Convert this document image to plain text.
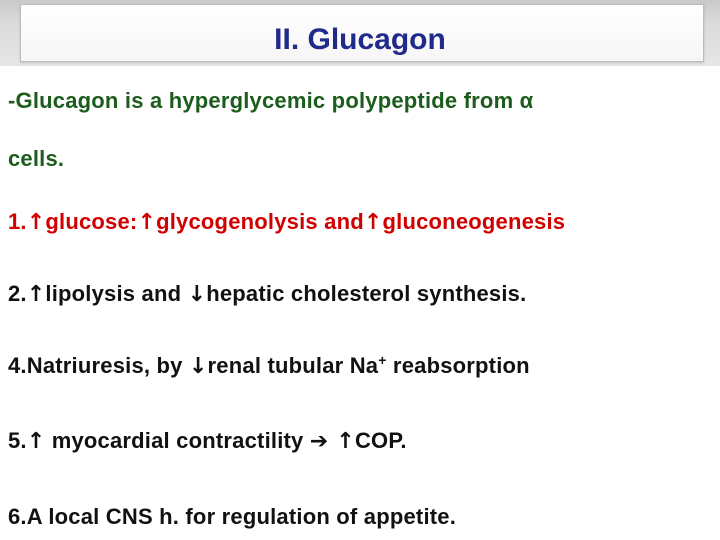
II. Glucagon
-Glucagon is a hyperglycemic polypeptide from α
cells.
1.↑glucose:↑glycogenolysis and↑gluconeogenesis
2.↑lipolysis and ↓hepatic cholesterol synthesis.
4.Natriuresis, by ↓renal tubular Na+ reabsorption
5.↑ myocardial contractility ➔ ↑COP.
6.A local CNS h. for regulation of appetite.
